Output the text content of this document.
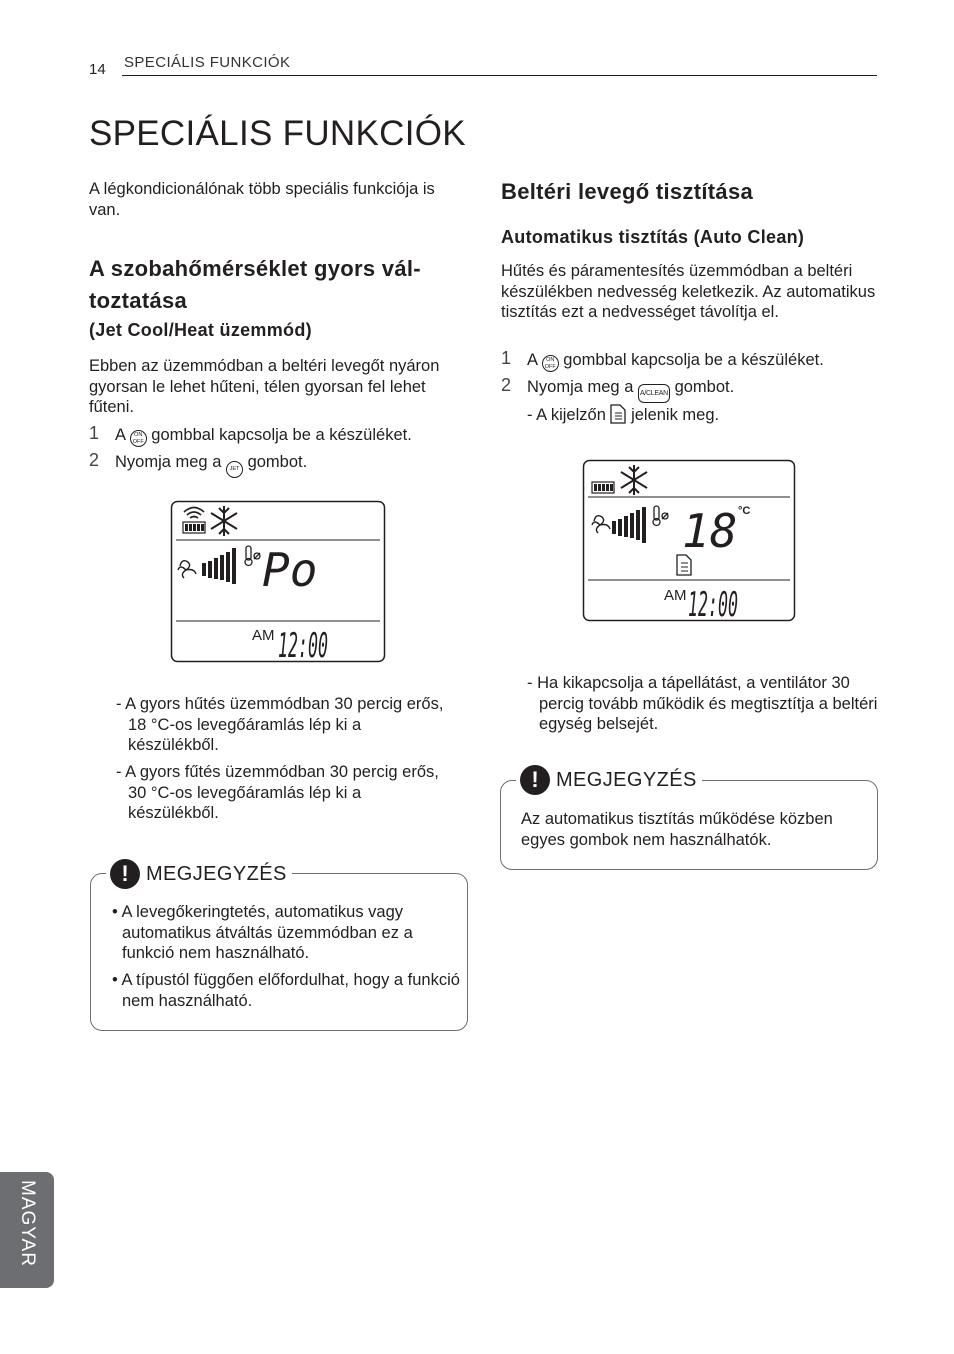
14 SPECIÁLIS FUNKCIÓK
SPECIÁLIS FUNKCIÓK
A légkondicionálónak több speciális funkciója is van.
A szobahőmérséklet gyors vál-
toztatása
(Jet Cool/Heat üzemmód)
Ebben az üzemmódban a beltéri levegőt nyáron gyorsan le lehet hűteni, télen gyorsan fel lehet fűteni.
1 A ON
OFF gombbal kapcsolja be a készüléket.
2 Nyomja meg a JET gombot.
Po
AM 12:00
- A gyors hűtés üzemmódban 30 percig erős, 18 °C-os levegőáramlás lép ki a készülékből.
- A gyors fűtés üzemmódban 30 percig erős, 30 °C-os levegőáramlás lép ki a készülékből.
! MEGJEGYZÉS
• A levegőkeringtetés, automatikus vagy automatikus átváltás üzemmódban ez a funkció nem használható.
• A típustól függően előfordulhat, hogy a funkció nem használható.
Beltéri levegő tisztítása
Automatikus tisztítás (Auto Clean)
Hűtés és páramentesítés üzemmódban a beltéri készülékben nedvesség keletkezik. Az automatikus tisztítás ezt a nedvességet távolítja el.
1 A ON
OFF gombbal kapcsolja be a készüléket.
2 Nyomja meg a A/CLEAN gombot.
- A kijelzőn jelenik meg.
18 °C
AM 12:00
- Ha kikapcsolja a tápellátást, a ventilátor 30 percig tovább működik és megtisztítja a beltéri egység belsejét.
! MEGJEGYZÉS
Az automatikus tisztítás működése közben egyes gombok nem használhatók.
MAGYAR
